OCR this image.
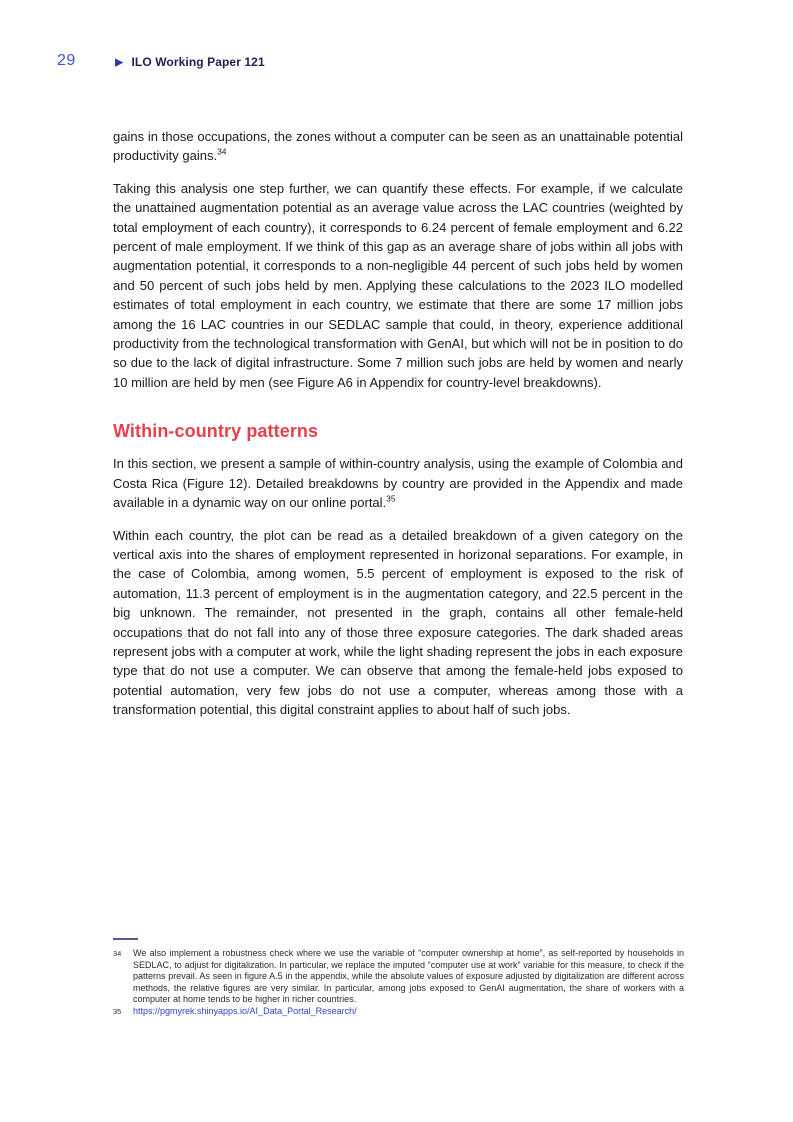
29	▶ ILO Working Paper 121

gains in those occupations, the zones without a computer can be seen as an unattainable potential productivity gains.$^{34}$

Taking this analysis one step further, we can quantify these effects. For example, if we calculate the unattained augmentation potential as an average value across the LAC countries (weighted by total employment of each country), it corresponds to 6.24 percent of female employment and 6.22 percent of male employment. If we think of this gap as an average share of jobs within all jobs with augmentation potential, it corresponds to a non-negligible 44 percent of such jobs held by women and 50 percent of such jobs held by men. Applying these calculations to the 2023 ILO modelled estimates of total employment in each country, we estimate that there are some 17 million jobs among the 16 LAC countries in our SEDLAC sample that could, in theory, experience additional productivity from the technological transformation with GenAI, but which will not be in position to do so due to the lack of digital infrastructure. Some 7 million such jobs are held by women and nearly 10 million are held by men (see Figure A6 in Appendix for country-level breakdowns).

Within-country patterns

In this section, we present a sample of within-country analysis, using the example of Colombia and Costa Rica (Figure 12). Detailed breakdowns by country are provided in the Appendix and made available in a dynamic way on our online portal.$^{35}$

Within each country, the plot can be read as a detailed breakdown of a given category on the vertical axis into the shares of employment represented in horizonal separations. For example, in the case of Colombia, among women, 5.5 percent of employment is exposed to the risk of automation, 11.3 percent of employment is in the augmentation category, and 22.5 percent in the big unknown. The remainder, not presented in the graph, contains all other female-held occupations that do not fall into any of those three exposure categories. The dark shaded areas represent jobs with a computer at work, while the light shading represent the jobs in each exposure type that do not use a computer. We can observe that among the female-held jobs exposed to potential automation, very few jobs do not use a computer, whereas among those with a transformation potential, this digital constraint applies to about half of such jobs.

34	We also implement a robustness check where we use the variable of “computer ownership at home”, as self-reported by households in SEDLAC, to adjust for digitalization. In particular, we replace the imputed “computer use at work” variable for this measure, to check if the patterns prevail. As seen in figure A.5 in the appendix, while the absolute values of exposure adjusted by digitalization are different across methods, the relative figures are very similar. In particular, among jobs exposed to GenAI augmentation, the share of workers with a computer at home tends to be higher in richer countries.
35	https://pgmyrek.shinyapps.io/AI_Data_Portal_Research/
